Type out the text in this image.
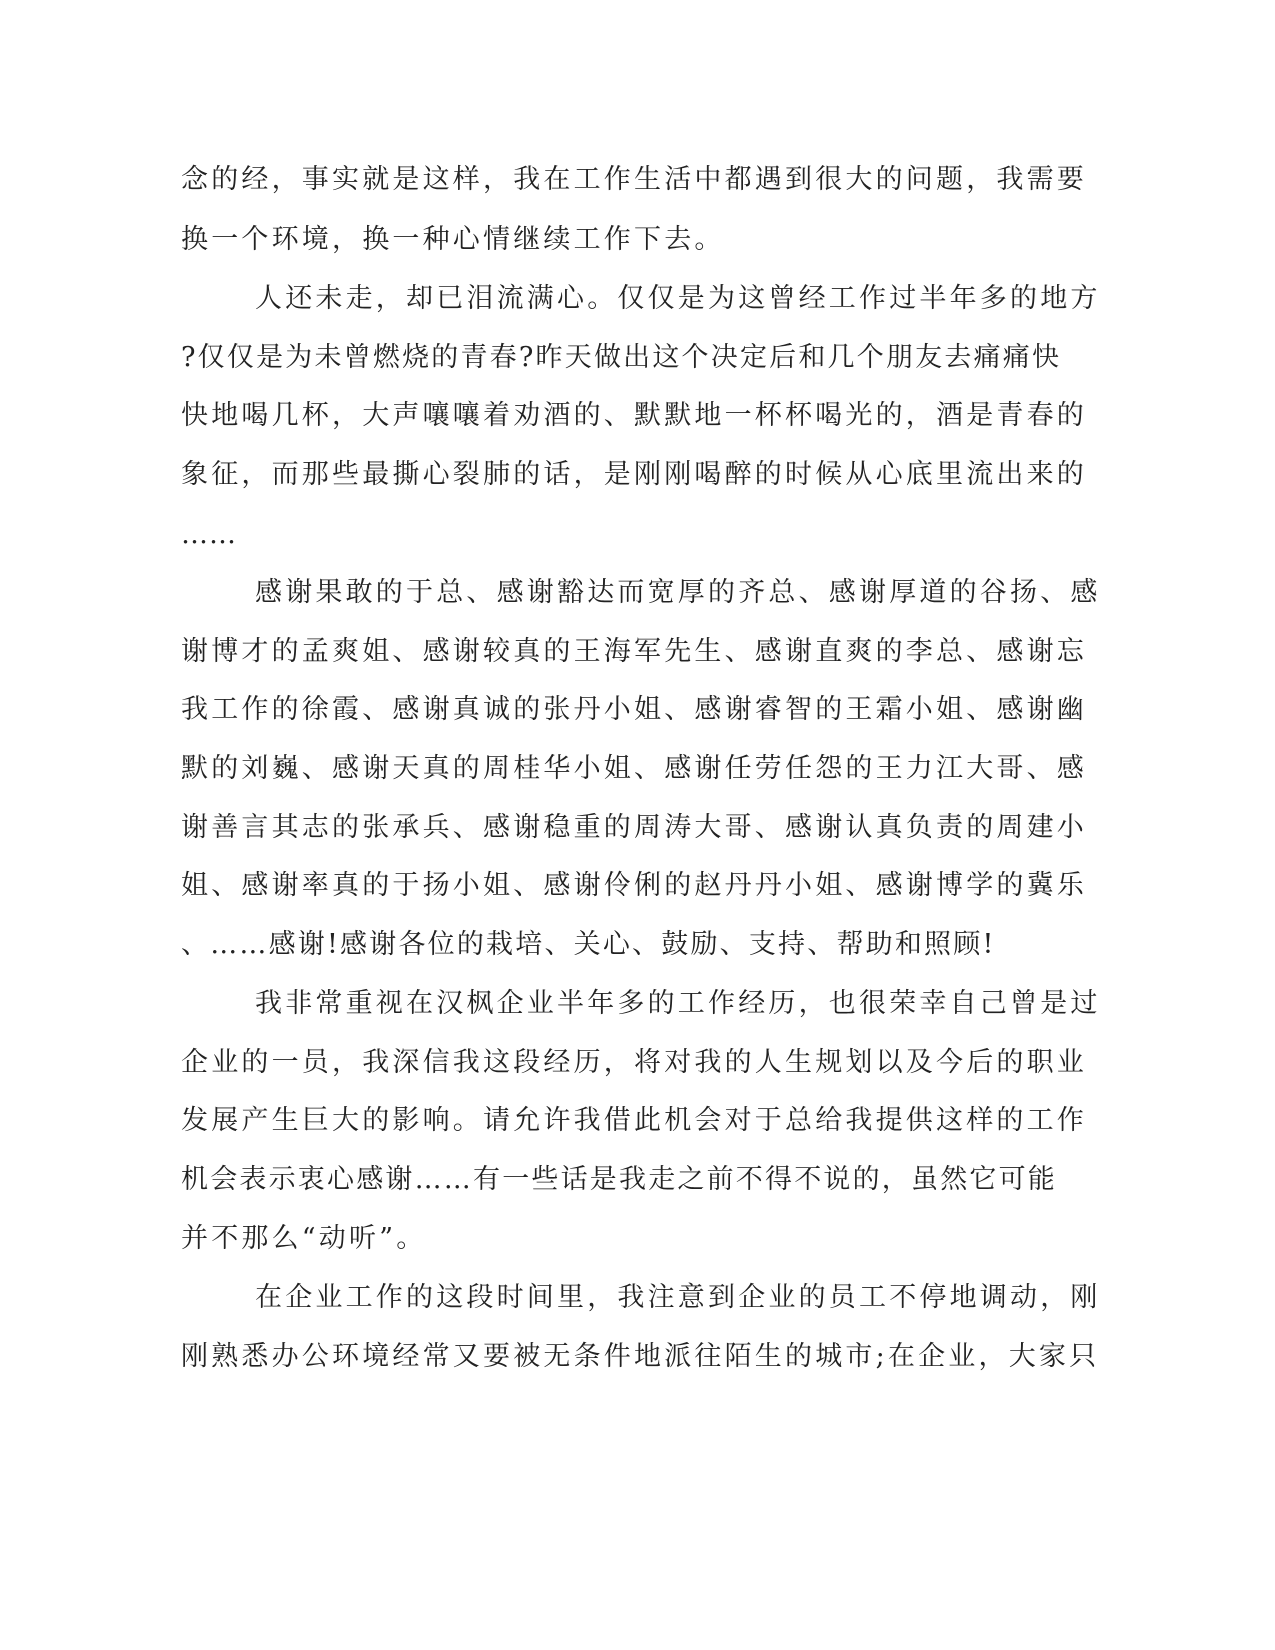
念的经，事实就是这样，我在工作生活中都遇到很大的问题，我需要
换一个环境，换一种心情继续工作下去。
人还未走，却已泪流满心。仅仅是为这曾经工作过半年多的地方
?仅仅是为未曾燃烧的青春?昨天做出这个决定后和几个朋友去痛痛快
快地喝几杯，大声嚷嚷着劝酒的、默默地一杯杯喝光的，酒是青春的
象征，而那些最撕心裂肺的话，是刚刚喝醉的时候从心底里流出来的
……
感谢果敢的于总、感谢豁达而宽厚的齐总、感谢厚道的谷扬、感
谢博才的孟爽姐、感谢较真的王海军先生、感谢直爽的李总、感谢忘
我工作的徐霞、感谢真诚的张丹小姐、感谢睿智的王霜小姐、感谢幽
默的刘巍、感谢天真的周桂华小姐、感谢任劳任怨的王力江大哥、感
谢善言其志的张承兵、感谢稳重的周涛大哥、感谢认真负责的周建小
姐、感谢率真的于扬小姐、感谢伶俐的赵丹丹小姐、感谢博学的冀乐
、……感谢!感谢各位的栽培、关心、鼓励、支持、帮助和照顾!
我非常重视在汉枫企业半年多的工作经历，也很荣幸自己曾是过
企业的一员，我深信我这段经历，将对我的人生规划以及今后的职业
发展产生巨大的影响。请允许我借此机会对于总给我提供这样的工作
机会表示衷心感谢……有一些话是我走之前不得不说的，虽然它可能
并不那么“动听”。
在企业工作的这段时间里，我注意到企业的员工不停地调动，刚
刚熟悉办公环境经常又要被无条件地派往陌生的城市;在企业，大家只
